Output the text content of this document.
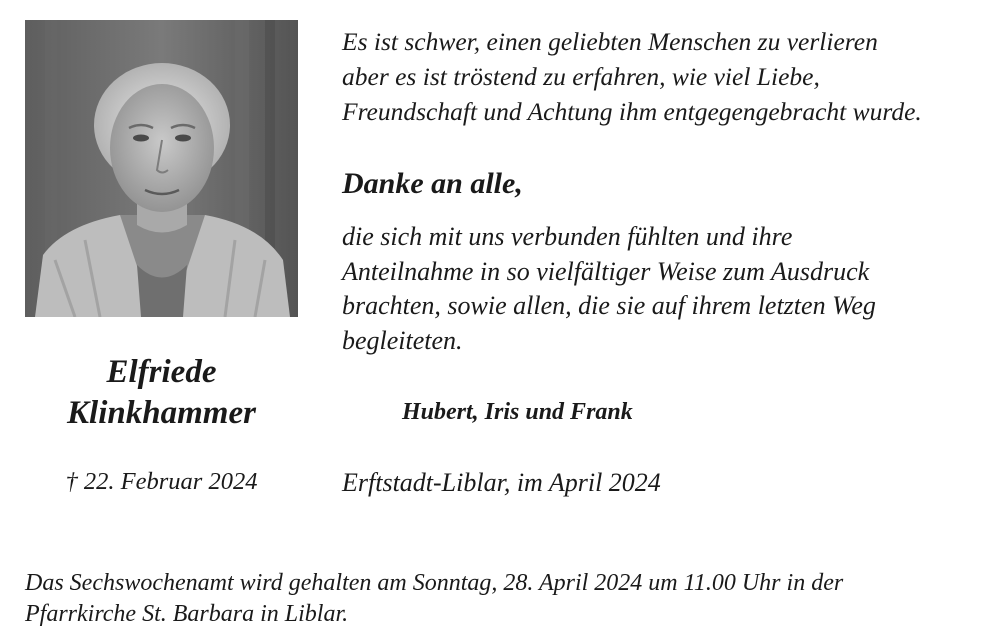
Es ist schwer, einen geliebten Menschen zu verlieren
aber es ist tröstend zu erfahren, wie viel Liebe,
Freundschaft und Achtung ihm entgegengebracht wurde.
Danke an alle,
die sich mit uns verbunden fühlten und ihre
Anteilnahme in so vielfältiger Weise zum Ausdruck
brachten, sowie allen, die sie auf ihrem letzten Weg
begleiteten.
Elfriede
Klinkhammer	Hubert, Iris und Frank
† 22. Februar 2024	Erftstadt-Liblar, im April 2024
Das Sechswochenamt wird gehalten am Sonntag, 28. April 2024 um 11.00 Uhr in der
Pfarrkirche St. Barbara in Liblar.
